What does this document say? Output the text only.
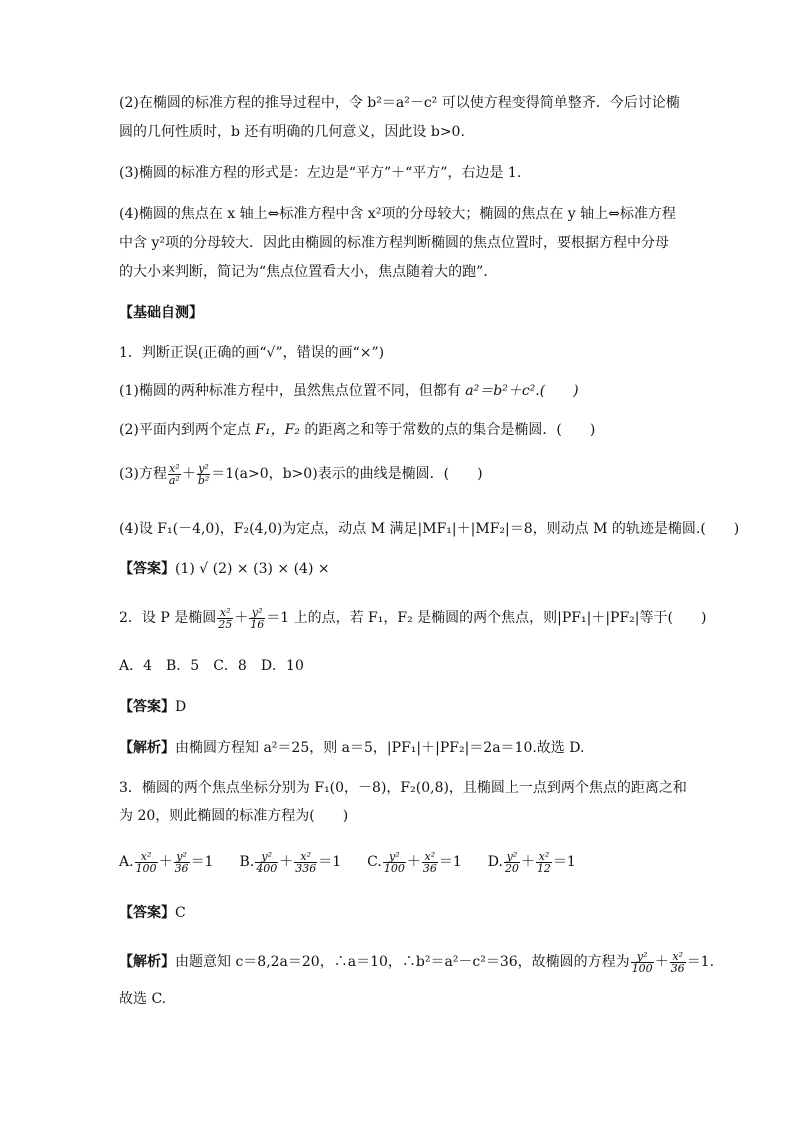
(2)在椭圆的标准方程的推导过程中，令 b²＝a²－c² 可以使方程变得简单整齐．今后讨论椭
圆的几何性质时，b 还有明确的几何意义，因此设 b>0.
(3)椭圆的标准方程的形式是：左边是“平方”＋“平方”，右边是 1.
(4)椭圆的焦点在 x 轴上⇔标准方程中含 x²项的分母较大；椭圆的焦点在 y 轴上⇔标准方程
中含 y²项的分母较大．因此由椭圆的标准方程判断椭圆的焦点位置时，要根据方程中分母
的大小来判断，简记为“焦点位置看大小，焦点随着大的跑”．
【基础自测】
1．判断正误(正确的画“√”，错误的画“×”)
(1)椭圆的两种标准方程中，虽然焦点位置不同，但都有 a²＝b²＋c².(　　)
(2)平面内到两个定点 F₁，F₂ 的距离之和等于常数的点的集合是椭圆．(　　)
(3)方程 $\frac{\text{x²}}{\text{a²}} + \frac{\text{y²}}{\text{b²}} =1(a>0$，b>0)表示的曲线是椭圆．(　　)
(4)设 F₁(－4,0)，F₂(4,0)为定点，动点 M 满足|MF₁|＋|MF₂|＝8，则动点 M 的轨迹是椭圆.(　　)
【答案】(1) √ (2) × (3) × (4) ×
2．设 P 是椭圆 $\frac{\text{x²}}{25} + \frac{\text{y²}}{16} =1$ 上的点，若 F₁，F₂ 是椭圆的两个焦点，则|PF₁|＋|PF₂|等于(　　)
A．4　B．5　C．8　D．10
【答案】D
【解析】由椭圆方程知 a²＝25，则 a＝5，|PF₁|＋|PF₂|＝2a＝10.故选 D.
3．椭圆的两个焦点坐标分别为 F₁(0，－8)，F₂(0,8)，且椭圆上一点到两个焦点的距离之和
为 20，则此椭圆的标准方程为(　　)
A. $\frac{\text{x²}}{100} + \frac{\text{y²}}{36} =1$ B. $\frac{\text{y²}}{400} + \frac{\text{x²}}{336} =1$ C. $\frac{\text{y²}}{100} + \frac{\text{x²}}{36} =1$ D. $\frac{\text{y²}}{20} + \frac{\text{x²}}{12} =1$
【答案】C
【解析】由题意知 c＝8,2a＝20，∴a＝10，∴b²＝a²－c²＝36，故椭圆的方程为 $\frac{\text{y²}}{100} + \frac{\text{x²}}{36} =1$.
故选 C.
